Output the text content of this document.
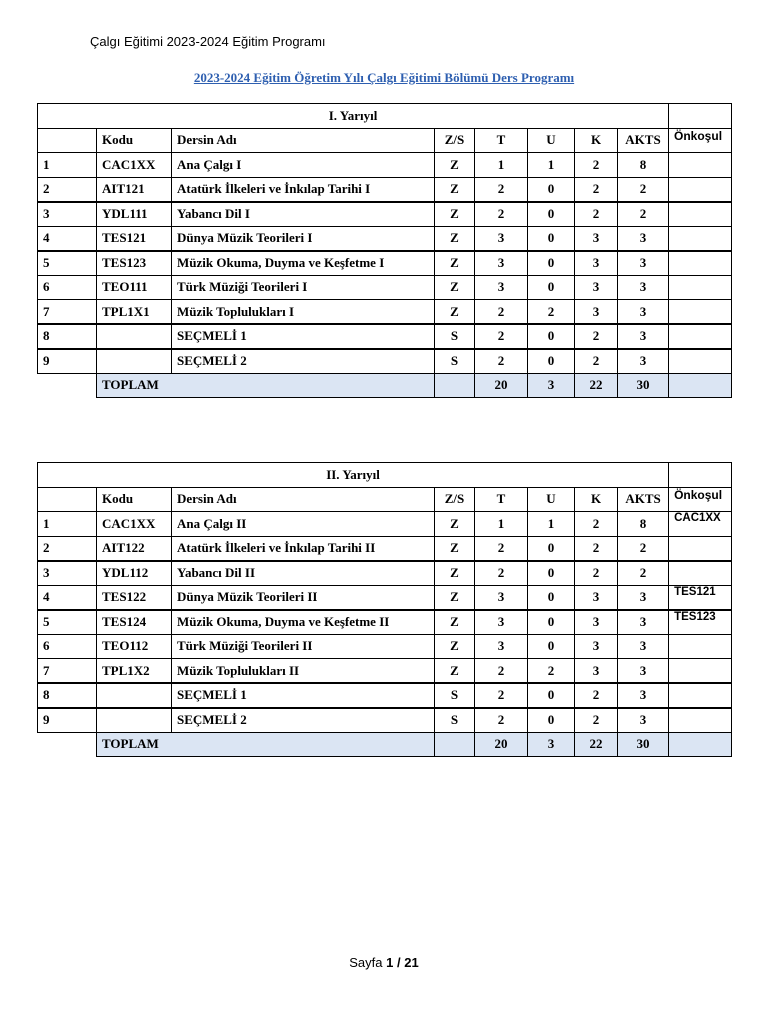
Çalgı Eğitimi 2023-2024 Eğitim Programı
2023-2024 Eğitim Öğretim Yılı Çalgı Eğitimi Bölümü Ders Programı
I. Yarıyıl								
	Kodu	Dersin Adı	Z/S	T	U	K	AKTS	Önkoşul
1	CAC1XX	Ana Çalgı I	Z	1	1	2	8	
2	AIT121	Atatürk İlkeleri ve İnkılap Tarihi I	Z	2	0	2	2	
3	YDL111	Yabancı Dil I	Z	2	0	2	2	
4	TES121	Dünya Müzik Teorileri I	Z	3	0	3	3	
5	TES123	Müzik Okuma, Duyma ve Keşfetme I	Z	3	0	3	3	
6	TEO111	Türk Müziği Teorileri I	Z	3	0	3	3	
7	TPL1X1	Müzik Toplulukları I	Z	2	2	3	3	
8		SEÇMELİ 1	S	2	0	2	3	
9		SEÇMELİ 2	S	2	0	2	3	
	TOPLAM			20	3	22	30	
II. Yarıyıl								
	Kodu	Dersin Adı	Z/S	T	U	K	AKTS	Önkoşul
1	CAC1XX	Ana Çalgı II	Z	1	1	2	8	CAC1XX
2	AIT122	Atatürk İlkeleri ve İnkılap Tarihi II	Z	2	0	2	2	
3	YDL112	Yabancı Dil II	Z	2	0	2	2	
4	TES122	Dünya Müzik Teorileri II	Z	3	0	3	3	TES121
5	TES124	Müzik Okuma, Duyma ve Keşfetme II	Z	3	0	3	3	TES123
6	TEO112	Türk Müziği Teorileri II	Z	3	0	3	3	
7	TPL1X2	Müzik Toplulukları II	Z	2	2	3	3	
8		SEÇMELİ 1	S	2	0	2	3	
9		SEÇMELİ 2	S	2	0	2	3	
	TOPLAM			20	3	22	30	
Sayfa 1 / 21
